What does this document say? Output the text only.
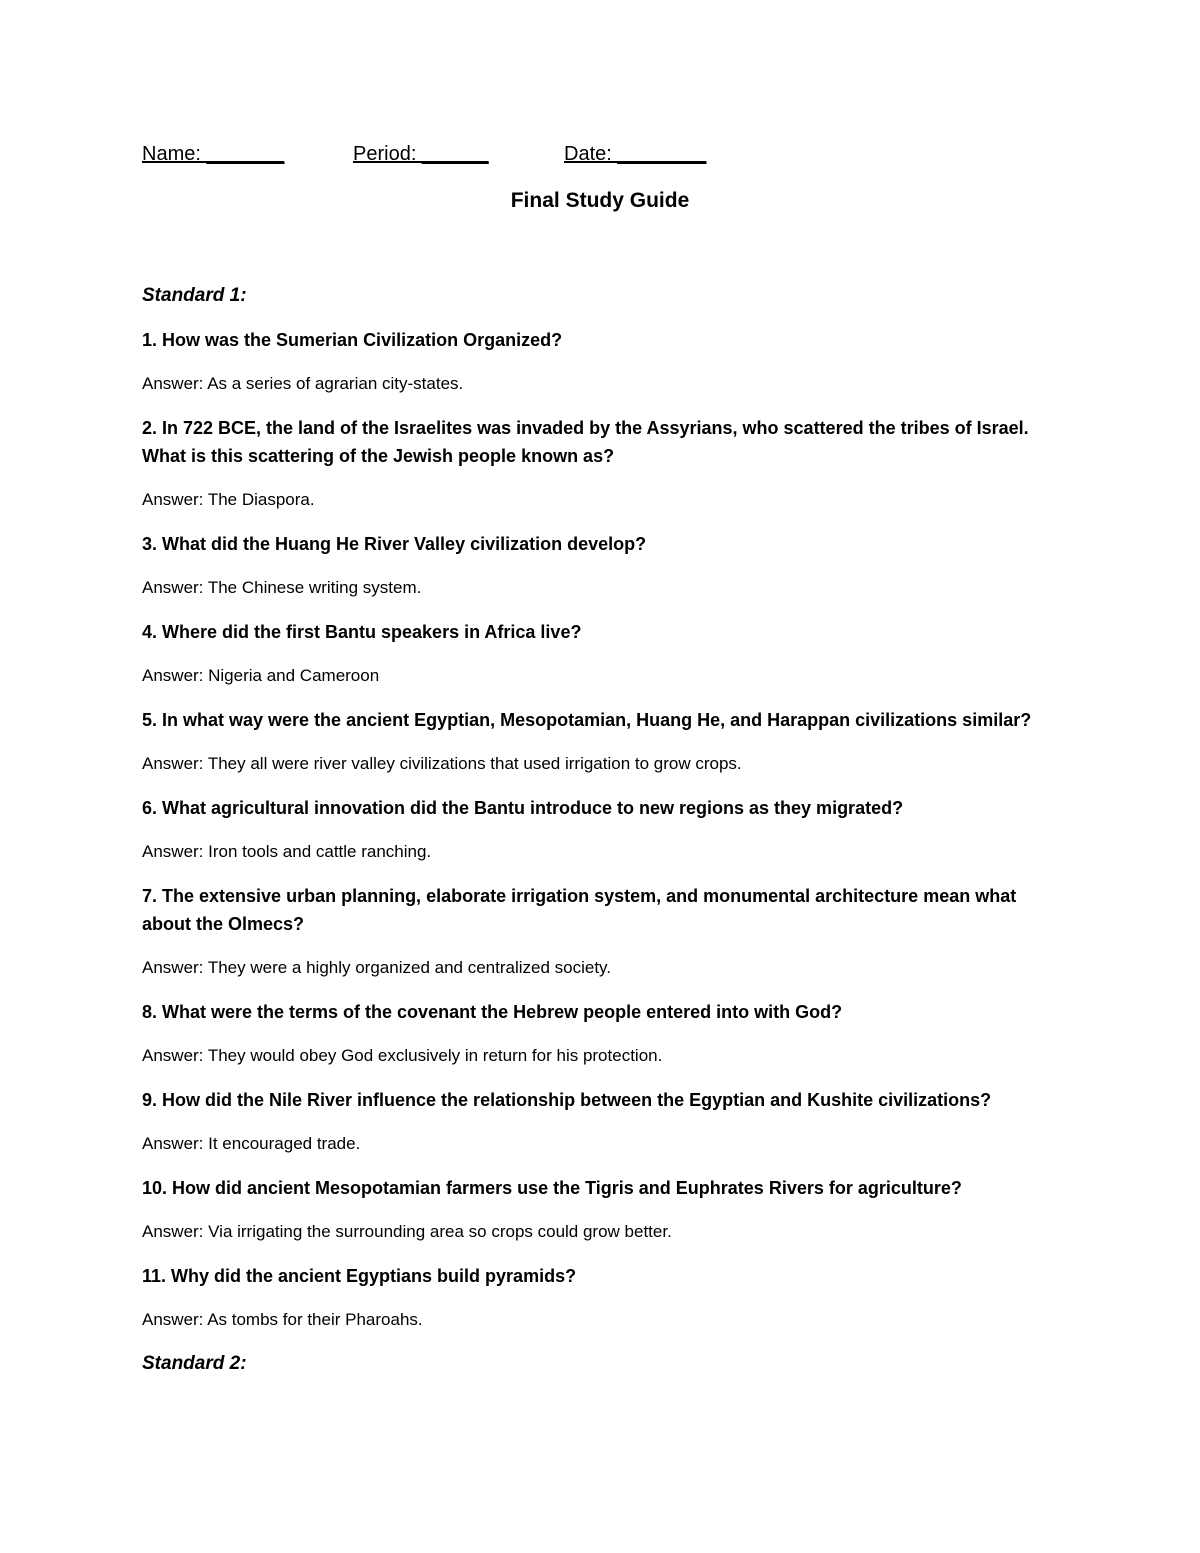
Name: _______	Period: ______	Date: ________
Final Study Guide

Standard 1:

1. How was the Sumerian Civilization Organized?

Answer: As a series of agrarian city-states.

2. In 722 BCE, the land of the Israelites was invaded by the Assyrians, who scattered the tribes of Israel. What is this scattering of the Jewish people known as?

Answer: The Diaspora.

3. What did the Huang He River Valley civilization develop?

Answer: The Chinese writing system.

4. Where did the first Bantu speakers in Africa live?

Answer: Nigeria and Cameroon

5. In what way were the ancient Egyptian, Mesopotamian, Huang He, and Harappan civilizations similar?

Answer: They all were river valley civilizations that used irrigation to grow crops.

6. What agricultural innovation did the Bantu introduce to new regions as they migrated?

Answer: Iron tools and cattle ranching.

7. The extensive urban planning, elaborate irrigation system, and monumental architecture mean what about the Olmecs?

Answer: They were a highly organized and centralized society.

8. What were the terms of the covenant the Hebrew people entered into with God?

Answer: They would obey God exclusively in return for his protection.

9. How did the Nile River influence the relationship between the Egyptian and Kushite civilizations?

Answer: It encouraged trade.

10. How did ancient Mesopotamian farmers use the Tigris and Euphrates Rivers for agriculture?

Answer: Via irrigating the surrounding area so crops could grow better.

11. Why did the ancient Egyptians build pyramids?

Answer: As tombs for their Pharoahs.

Standard 2:
